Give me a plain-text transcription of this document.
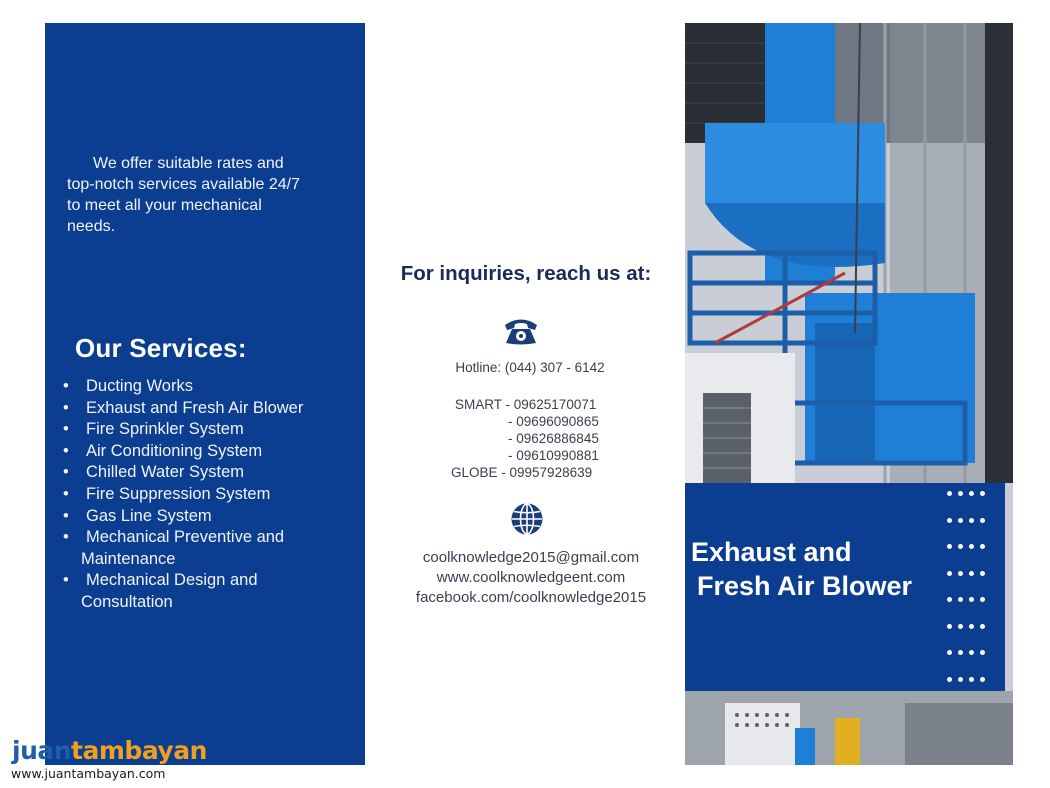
We offer suitable rates and
top-notch services available 24/7
to meet all your mechanical
needs.
Our Services:
• Ducting Works
• Exhaust and Fresh Air Blower
• Fire Sprinkler System
• Air Conditioning System
• Chilled Water System
• Fire Suppression System
• Gas Line System
• Mechanical Preventive and
Maintenance
• Mechanical Design and
Consultation
For inquiries, reach us at:
Hotline: (044) 307 - 6142
SMART - 09625170071
- 09696090865
- 09626886845
- 09610990881
GLOBE - 09957928639
coolknowledge2015@gmail.com
www.coolknowledgeent.com
facebook.com/coolknowledge2015
Exhaust and
Fresh Air Blower
juantambayan
www.juantambayan.com
